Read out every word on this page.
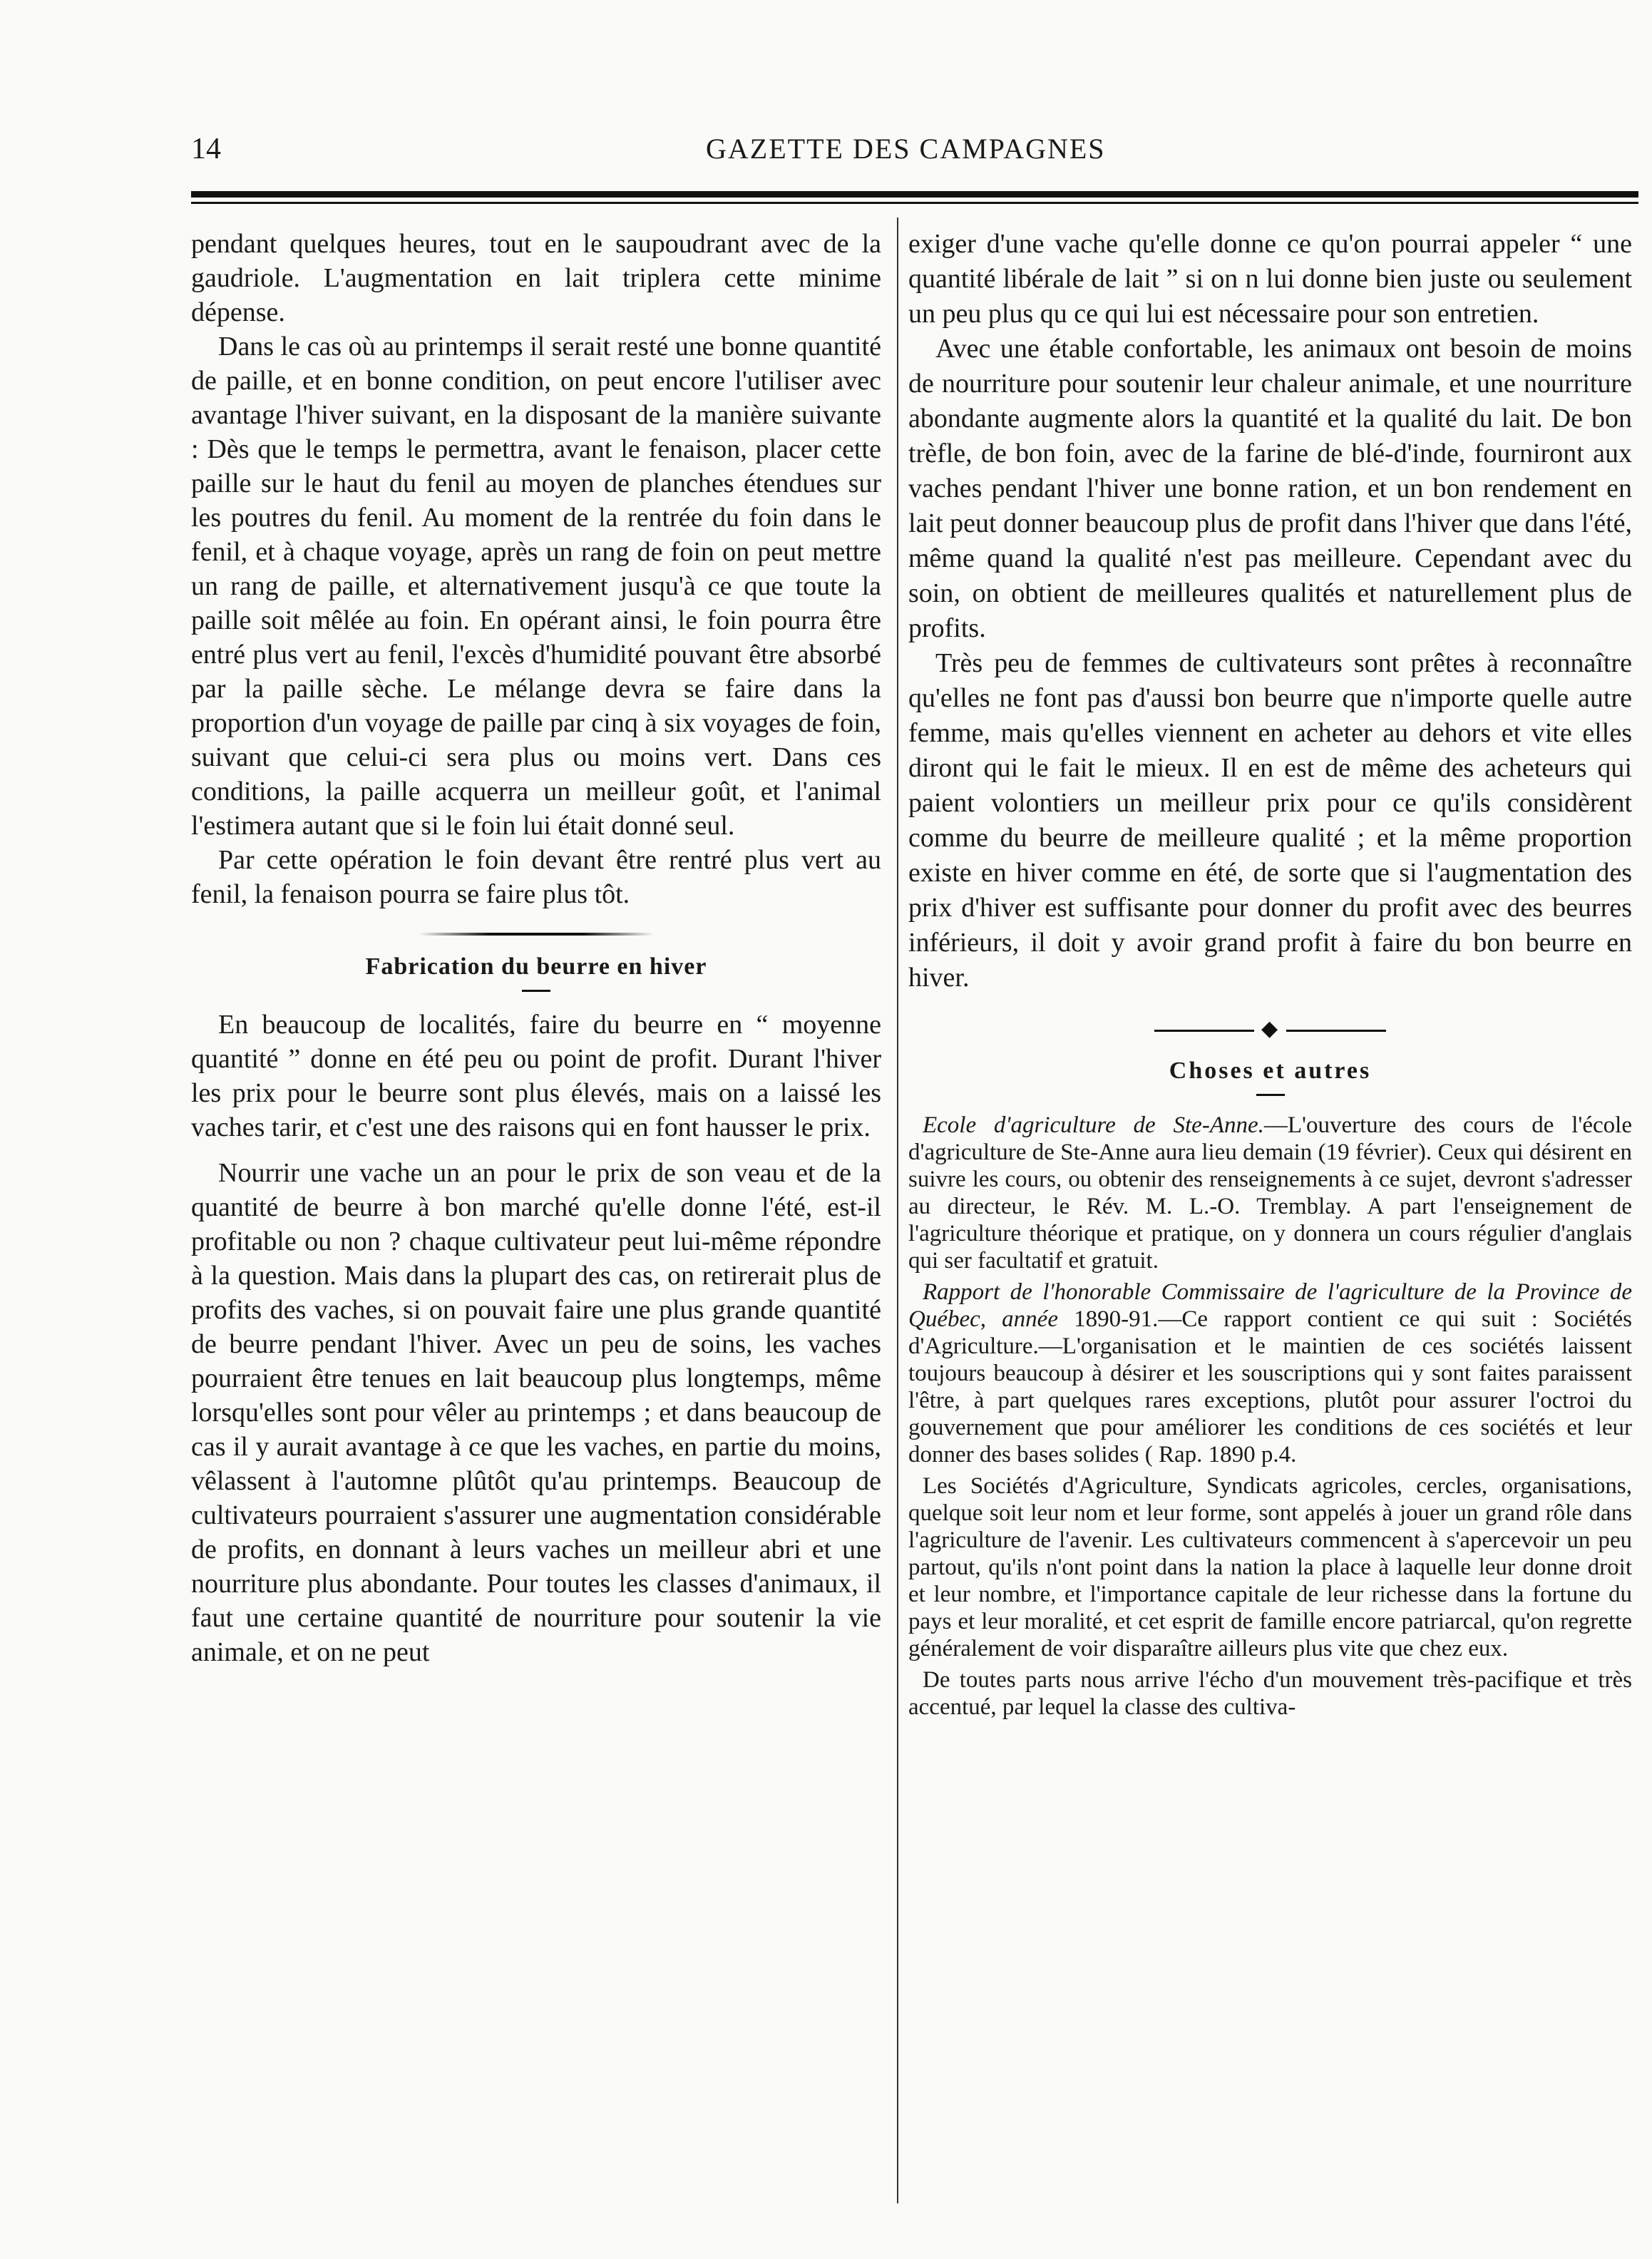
14	GAZETTE DES CAMPAGNES

pendant quelques heures, tout en le saupoudrant avec de la gaudriole. L'augmentation en lait triplera cette minime dépense.

Dans le cas où au printemps il serait resté une bonne quantité de paille, et en bonne condition, on peut encore l'utiliser avec avantage l'hiver suivant, en la disposant de la manière suivante : Dès que le temps le permettra, avant le fenaison, placer cette paille sur le haut du fenil au moyen de planches étendues sur les poutres du fenil. Au moment de la rentrée du foin dans le fenil, et à chaque voyage, après un rang de foin on peut mettre un rang de paille, et alternativement jusqu'à ce que toute la paille soit mêlée au foin. En opérant ainsi, le foin pourra être entré plus vert au fenil, l'excès d'humidité pouvant être absorbé par la paille sèche. Le mélange devra se faire dans la proportion d'un voyage de paille par cinq à six voyages de foin, suivant que celui-ci sera plus ou moins vert. Dans ces conditions, la paille acquerra un meilleur goût, et l'animal l'estimera autant que si le foin lui était donné seul.

Par cette opération le foin devant être rentré plus vert au fenil, la fenaison pourra se faire plus tôt.

Fabrication du beurre en hiver

En beaucoup de localités, faire du beurre en “ moyenne quantité ” donne en été peu ou point de profit. Durant l'hiver les prix pour le beurre sont plus élevés, mais on a laissé les vaches tarir, et c'est une des raisons qui en font hausser le prix.

Nourrir une vache un an pour le prix de son veau et de la quantité de beurre à bon marché qu'elle donne l'été, est-il profitable ou non ? chaque cultivateur peut lui-même répondre à la question. Mais dans la plupart des cas, on retirerait plus de profits des vaches, si on pouvait faire une plus grande quantité de beurre pendant l'hiver. Avec un peu de soins, les vaches pourraient être tenues en lait beaucoup plus longtemps, même lorsqu'elles sont pour vêler au printemps ; et dans beaucoup de cas il y aurait avantage à ce que les vaches, en partie du moins, vêlassent à l'automne plûtôt qu'au printemps. Beaucoup de cultivateurs pourraient s'assurer une augmentation considérable de profits, en donnant à leurs vaches un meilleur abri et une nourriture plus abondante. Pour toutes les classes d'animaux, il faut une certaine quantité de nourriture pour soutenir la vie animale, et on ne peut

exiger d'une vache qu'elle donne ce qu'on pourrai appeler “ une quantité libérale de lait ” si on n lui donne bien juste ou seulement un peu plus qu ce qui lui est nécessaire pour son entretien.

Avec une étable confortable, les animaux ont besoin de moins de nourriture pour soutenir leur chaleur animale, et une nourriture abondante augmente alors la quantité et la qualité du lait. De bon trèfle, de bon foin, avec de la farine de blé-d'inde, fourniront aux vaches pendant l'hiver une bonne ration, et un bon rendement en lait peut donner beaucoup plus de profit dans l'hiver que dans l'été, même quand la qualité n'est pas meilleure. Cependant avec du soin, on obtient de meilleures qualités et naturellement plus de profits.

Très peu de femmes de cultivateurs sont prêtes à reconnaître qu'elles ne font pas d'aussi bon beurre que n'importe quelle autre femme, mais qu'elles viennent en acheter au dehors et vite elles diront qui le fait le mieux. Il en est de même des acheteurs qui paient volontiers un meilleur prix pour ce qu'ils considèrent comme du beurre de meilleure qualité ; et la même proportion existe en hiver comme en été, de sorte que si l'augmentation des prix d'hiver est suffisante pour donner du profit avec des beurres inférieurs, il doit y avoir grand profit à faire du bon beurre en hiver.

◆
Choses et autres

Ecole d'agriculture de Ste-Anne.—L'ouverture des cours de l'école d'agriculture de Ste-Anne aura lieu demain (19 février). Ceux qui désirent en suivre les cours, ou obtenir des renseignements à ce sujet, devront s'adresser au directeur, le Rév. M. L.-O. Tremblay. A part l'enseignement de l'agriculture théorique et pratique, on y donnera un cours régulier d'anglais qui ser facultatif et gratuit.

Rapport de l'honorable Commissaire de l'agriculture de la Province de Québec, année 1890-91.—Ce rapport contient ce qui suit : Sociétés d'Agriculture.—L'organisation et le maintien de ces sociétés laissent toujours beaucoup à désirer et les souscriptions qui y sont faites paraissent l'être, à part quelques rares exceptions, plutôt pour assurer l'octroi du gouvernement que pour améliorer les conditions de ces sociétés et leur donner des bases solides ( Rap. 1890 p.4.

Les Sociétés d'Agriculture, Syndicats agricoles, cercles, organisations, quelque soit leur nom et leur forme, sont appelés à jouer un grand rôle dans l'agriculture de l'avenir. Les cultivateurs commencent à s'apercevoir un peu partout, qu'ils n'ont point dans la nation la place à laquelle leur donne droit et leur nombre, et l'importance capitale de leur richesse dans la fortune du pays et leur moralité, et cet esprit de famille encore patriarcal, qu'on regrette généralement de voir disparaître ailleurs plus vite que chez eux.

De toutes parts nous arrive l'écho d'un mouvement très-pacifique et très accentué, par lequel la classe des cultiva-
